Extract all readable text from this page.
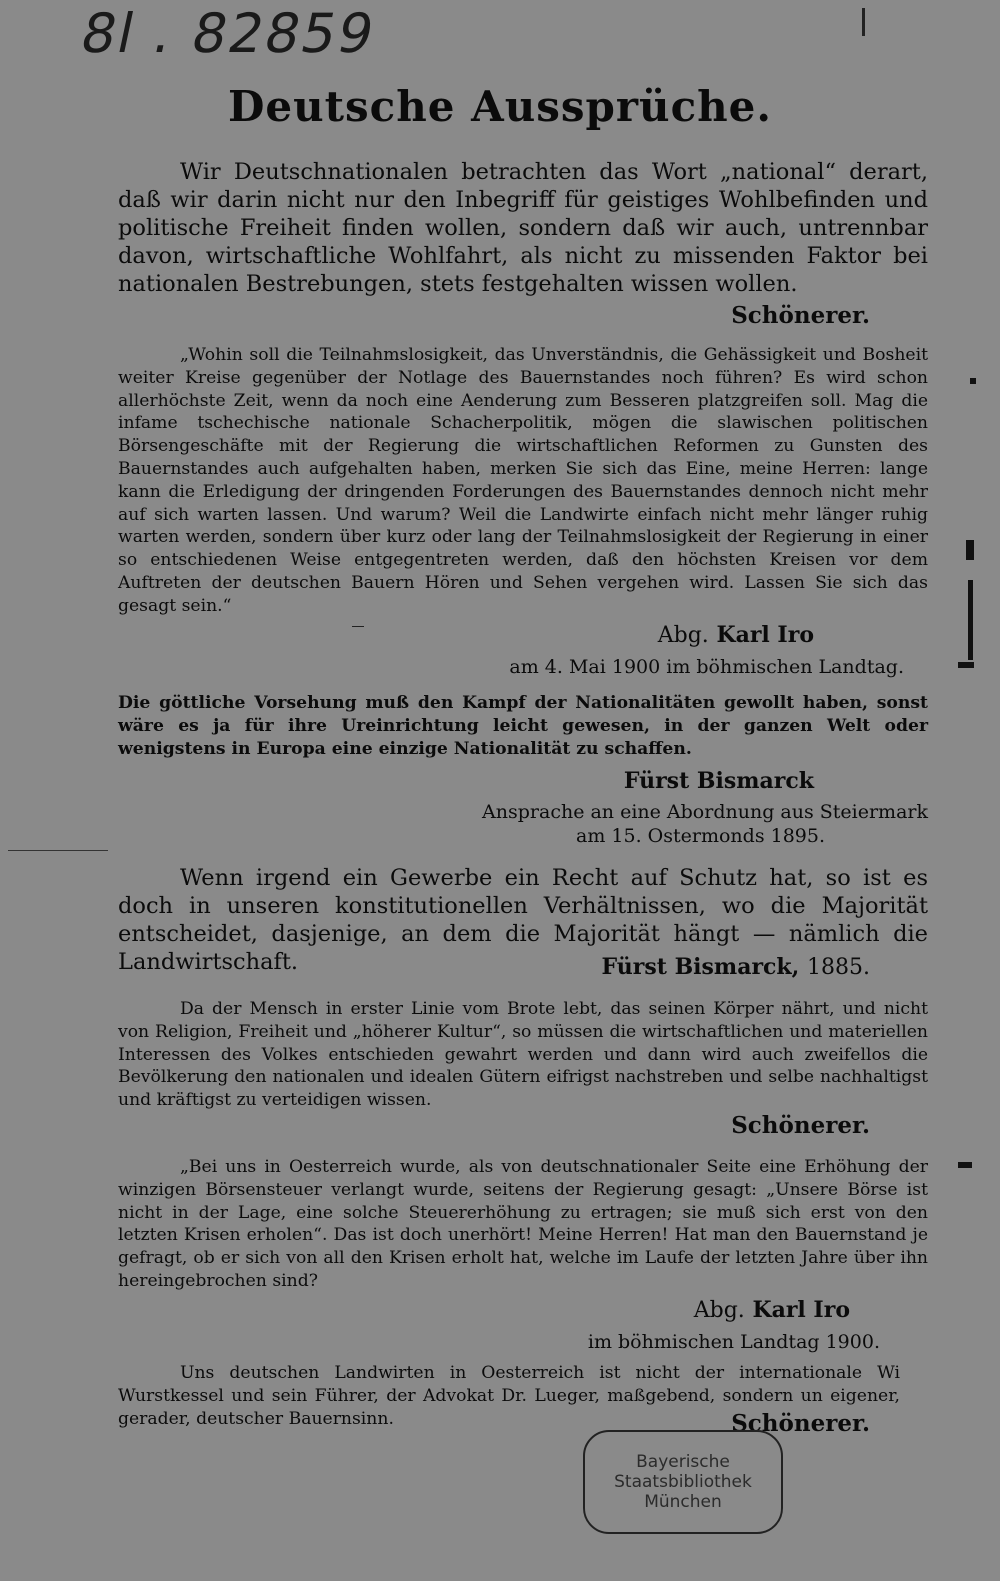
8l . 82859
Deutsche Aussprüche.

Wir Deutschnationalen betrachten das Wort „national“ derart, daß wir darin nicht nur den Inbegriff für geistiges Wohlbefinden und politische Freiheit finden wollen, sondern daß wir auch, untrennbar davon, wirtschaftliche Wohlfahrt, als nicht zu missenden Faktor bei nationalen Bestrebungen, stets festgehalten wissen wollen.

Schönerer.

„Wohin soll die Teilnahmslosigkeit, das Unverständnis, die Gehässigkeit und Bosheit weiter Kreise gegenüber der Notlage des Bauernstandes noch führen? Es wird schon allerhöchste Zeit, wenn da noch eine Aenderung zum Besseren platzgreifen soll. Mag die infame tschechische nationale Schacherpolitik, mögen die slawischen politischen Börsengeschäfte mit der Regierung die wirtschaftlichen Reformen zu Gunsten des Bauernstandes auch aufgehalten haben, merken Sie sich das Eine, meine Herren: lange kann die Erledigung der dringenden Forderungen des Bauernstandes dennoch nicht mehr auf sich warten lassen. Und warum? Weil die Landwirte einfach nicht mehr länger ruhig warten werden, sondern über kurz oder lang der Teilnahmslosigkeit der Regierung in einer so entschiedenen Weise entgegentreten werden, daß den höchsten Kreisen vor dem Auftreten der deutschen Bauern Hören und Sehen vergehen wird. Lassen Sie sich das gesagt sein.“

Abg. Karl Iro

am 4. Mai 1900 im böhmischen Landtag.

Die göttliche Vorsehung muß den Kampf der Nationalitäten gewollt haben, sonst wäre es ja für ihre Ureinrichtung leicht gewesen, in der ganzen Welt oder wenigstens in Europa eine einzige Nationalität zu schaffen.

Fürst Bismarck

Ansprache an eine Abordnung aus Steiermark

am 15. Ostermonds 1895.

Wenn irgend ein Gewerbe ein Recht auf Schutz hat, so ist es doch in unseren konstitutionellen Verhältnissen, wo die Majorität entscheidet, dasjenige, an dem die Majorität hängt — nämlich die Landwirtschaft.	Fürst Bismarck, 1885.

Da der Mensch in erster Linie vom Brote lebt, das seinen Körper nährt, und nicht von Religion, Freiheit und „höherer Kultur“, so müssen die wirtschaftlichen und materiellen Interessen des Volkes entschieden gewahrt werden und dann wird auch zweifellos die Bevölkerung den nationalen und idealen Gütern eifrigst nachstreben und selbe nachhaltigst und kräftigst zu verteidigen wissen.

Schönerer.

„Bei uns in Oesterreich wurde, als von deutschnationaler Seite eine Erhöhung der winzigen Börsensteuer verlangt wurde, seitens der Regierung gesagt: „Unsere Börse ist nicht in der Lage, eine solche Steuererhöhung zu ertragen; sie muß sich erst von den letzten Krisen erholen“. Das ist doch unerhört! Meine Herren! Hat man den Bauernstand je gefragt, ob er sich von all den Krisen erholt hat, welche im Laufe der letzten Jahre über ihn hereingebrochen sind?

Abg. Karl Iro

im böhmischen Landtag 1900.

Uns deutschen Landwirten in Oesterreich ist nicht der internationale Wi Wurstkessel und sein Führer, der Advokat Dr. Lueger, maßgebend, sondern un eigener, gerader, deutscher Bauernsinn.	Schönerer.

Bayerische
Staatsbibliothek
München
